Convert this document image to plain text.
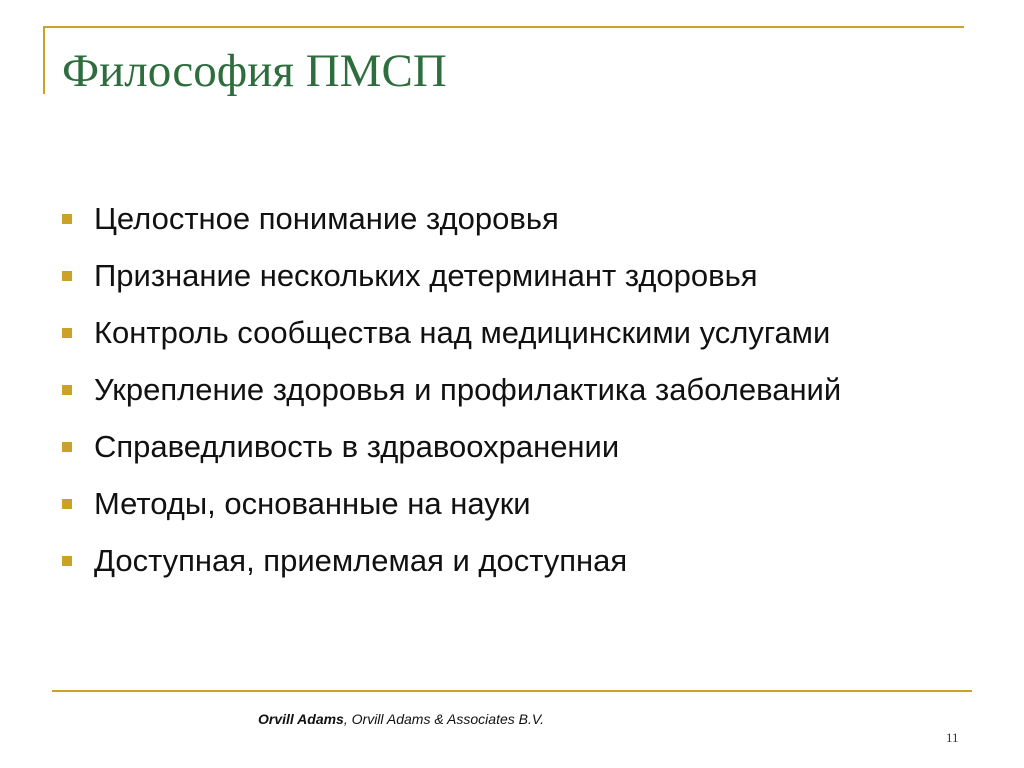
Философия ПМСП
Целостное понимание здоровья
Признание нескольких детерминант здоровья
Контроль сообщества над медицинскими услугами
Укрепление здоровья и профилактика заболеваний
Справедливость в здравоохранении
Методы, основанные на науки
Доступная, приемлемая и доступная
Orvill Adams, Orvill Adams & Associates B.V.
11
